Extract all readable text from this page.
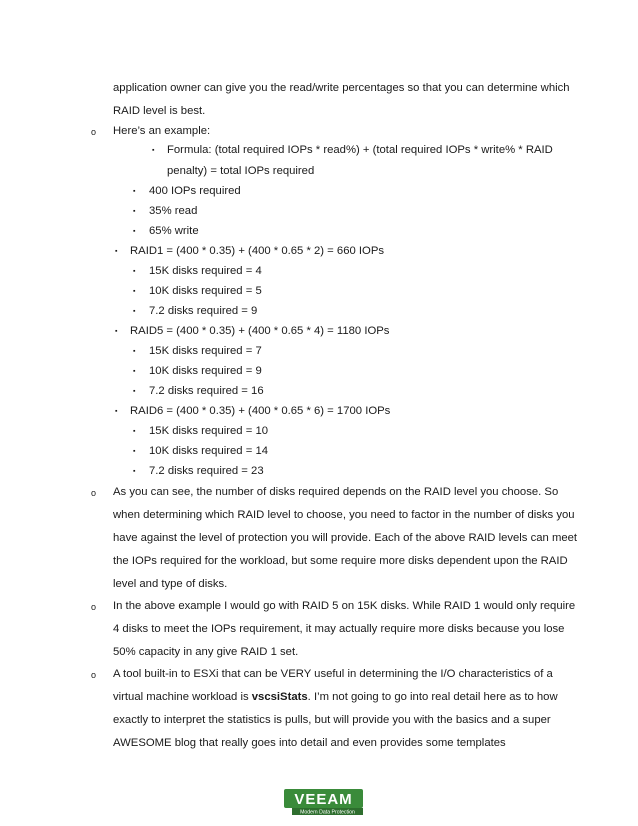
application owner can give you the read/write percentages so that you can determine which
RAID level is best.
o Here’s an example:
▪ Formula: (total required IOPs * read%) + (total required IOPs * write% * RAID
penalty) = total IOPs required
▪ 400 IOPs required
▪ 35% read
▪ 65% write
▪ RAID1 = (400 * 0.35) + (400 * 0.65 * 2) = 660 IOPs
▪ 15K disks required = 4
▪ 10K disks required = 5
▪ 7.2 disks required = 9
▪ RAID5 = (400 * 0.35) + (400 * 0.65 * 4) = 1180 IOPs
▪ 15K disks required = 7
▪ 10K disks required = 9
▪ 7.2 disks required = 16
▪ RAID6 = (400 * 0.35) + (400 * 0.65 * 6) = 1700 IOPs
▪ 15K disks required = 10
▪ 10K disks required = 14
▪ 7.2 disks required = 23
o As you can see, the number of disks required depends on the RAID level you choose. So
when determining which RAID level to choose, you need to factor in the number of disks you
have against the level of protection you will provide. Each of the above RAID levels can meet
the IOPs required for the workload, but some require more disks dependent upon the RAID
level and type of disks.
o In the above example I would go with RAID 5 on 15K disks. While RAID 1 would only require
4 disks to meet the IOPs requirement, it may actually require more disks because you lose
50% capacity in any give RAID 1 set.
o A tool built-in to ESXi that can be VERY useful in determining the I/O characteristics of a
virtual machine workload is vscsiStats. I’m not going to go into real detail here as to how
exactly to interpret the statistics is pulls, but will provide you with the basics and a super
AWESOME blog that really goes into detail and even provides some templates
VEEAM
Modern Data Protection
